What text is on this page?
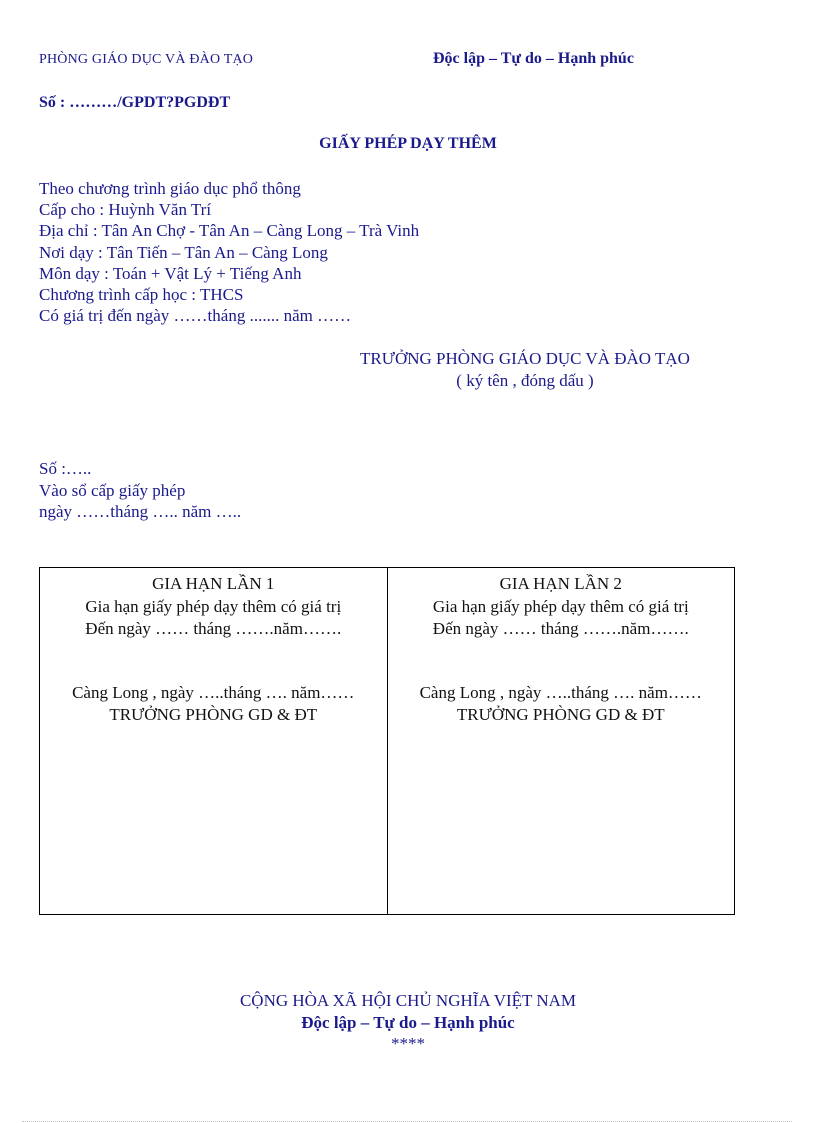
PHÒNG GIÁO DỤC VÀ ĐÀO TẠO	Độc lập – Tự do – Hạnh phúc
Số : ………/GPDT?PGDĐT
GIẤY PHÉP DẠY THÊM
Theo chương trình giáo dục phổ thông
Cấp cho : Huỳnh Văn Trí
Địa chỉ : Tân An Chợ - Tân An – Càng Long – Trà Vinh
Nơi dạy : Tân Tiến – Tân An – Càng Long
Môn dạy : Toán + Vật Lý + Tiếng Anh
Chương trình cấp học : THCS
Có giá trị đến ngày ……tháng ....... năm ……
TRƯỞNG PHÒNG GIÁO DỤC VÀ ĐÀO TẠO
( ký tên , đóng dấu )
Số :…..
Vào sổ cấp giấy phép
ngày ……tháng ….. năm …..
GIA HẠN LẦN 1
Gia hạn giấy phép dạy thêm có giá trị
Đến ngày …… tháng …….năm…….
Càng Long , ngày …..tháng …. năm……
TRƯỞNG PHÒNG GD & ĐT
GIA HẠN LẦN 2
Gia hạn giấy phép dạy thêm có giá trị
Đến ngày …… tháng …….năm…….
Càng Long , ngày …..tháng …. năm……
TRƯỞNG PHÒNG GD & ĐT
CỘNG HÒA XÃ HỘI CHỦ NGHĨA VIỆT NAM
Độc lập – Tự do – Hạnh phúc
****
